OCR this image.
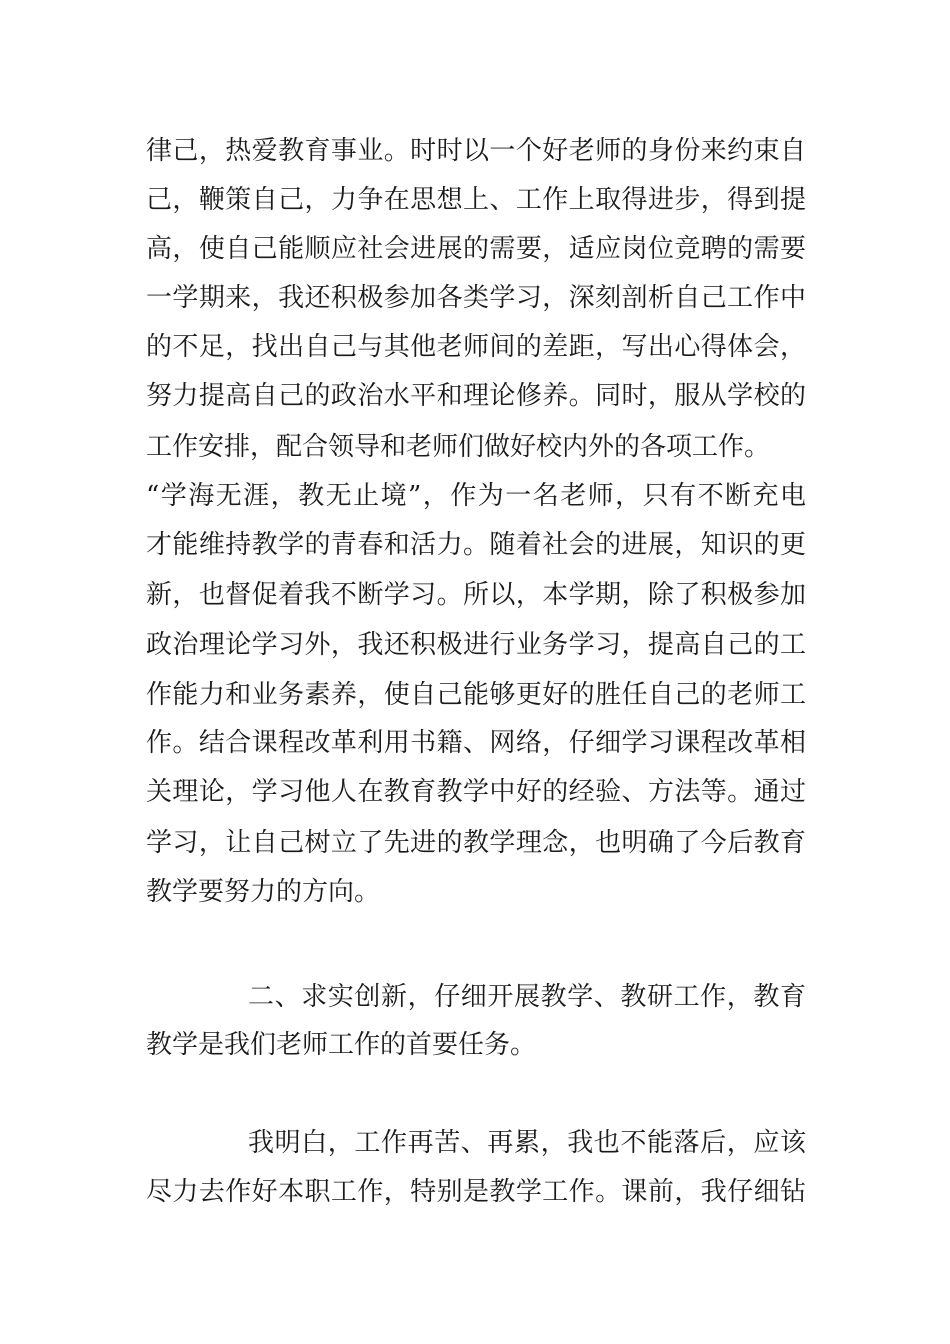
律己，热爱教育事业。时时以一个好老师的身份来约束自
己，鞭策自己，力争在思想上、工作上取得进步，得到提
高，使自己能顺应社会进展的需要，适应岗位竞聘的需要
一学期来，我还积极参加各类学习，深刻剖析自己工作中
的不足，找出自己与其他老师间的差距，写出心得体会，
努力提高自己的政治水平和理论修养。同时，服从学校的
工作安排，配合领导和老师们做好校内外的各项工作。
“学海无涯，教无止境”，作为一名老师，只有不断充电
才能维持教学的青春和活力。随着社会的进展，知识的更
新，也督促着我不断学习。所以，本学期，除了积极参加
政治理论学习外，我还积极进行业务学习，提高自己的工
作能力和业务素养，使自己能够更好的胜任自己的老师工
作。结合课程改革利用书籍、网络，仔细学习课程改革相
关理论，学习他人在教育教学中好的经验、方法等。通过
学习，让自己树立了先进的教学理念，也明确了今后教育
教学要努力的方向。
二、求实创新，仔细开展教学、教研工作，教育
教学是我们老师工作的首要任务。
我明白，工作再苦、再累，我也不能落后，应该
尽力去作好本职工作，特别是教学工作。课前，我仔细钻
